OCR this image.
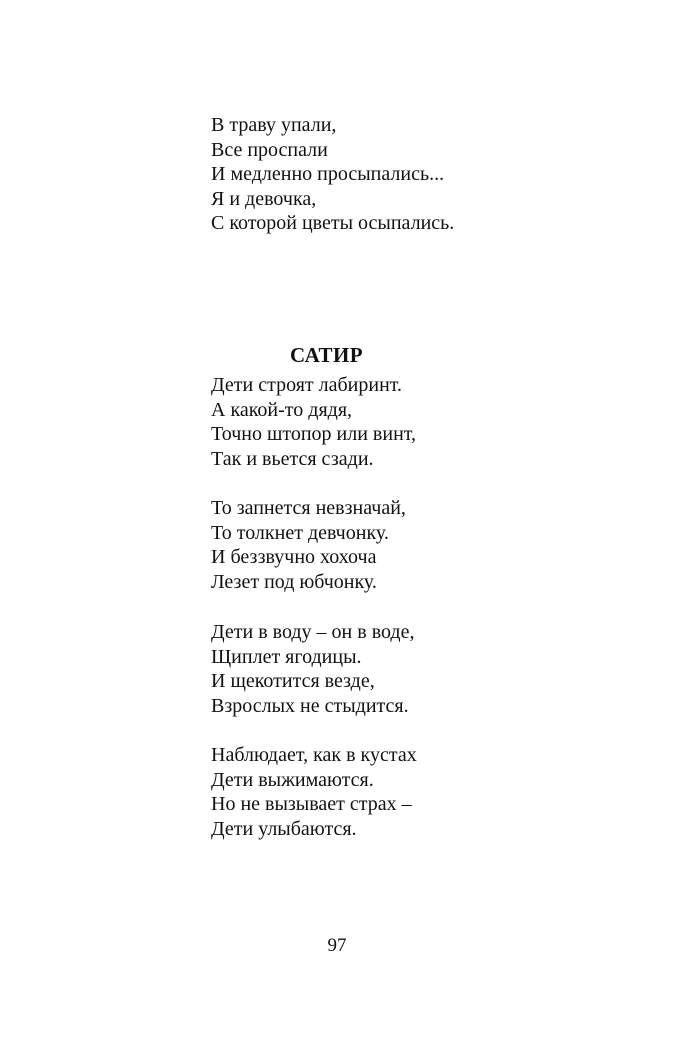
В траву упали,
Все проспали
И медленно просыпались...
Я и девочка,
С которой цветы осыпались.
САТИР
Дети строят лабиринт.
А какой-то дядя,
Точно штопор или винт,
Так и вьется сзади.
То запнется невзначай,
То толкнет девчонку.
И беззвучно хохоча
Лезет под юбчонку.
Дети в воду – он в воде,
Щиплет ягодицы.
И щекотится везде,
Взрослых не стыдится.
Наблюдает, как в кустах
Дети выжимаются.
Но не вызывает страх –
Дети улыбаются.
97
